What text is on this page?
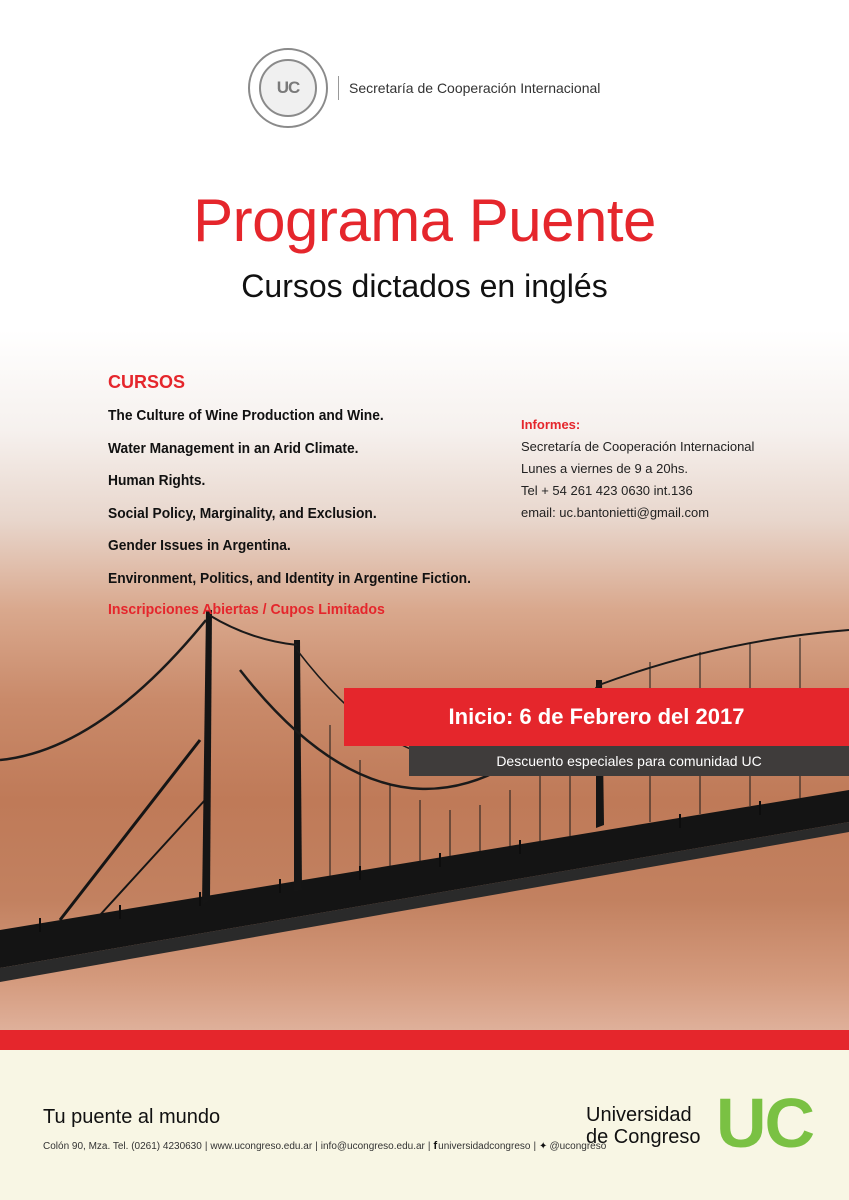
UC	Secretaría de Cooperación Internacional
Programa Puente
Cursos dictados en inglés
CURSOS
The Culture of Wine Production and Wine.
Water Management in an Arid Climate.
Human Rights.
Social Policy, Marginality, and Exclusion.
Gender Issues in Argentina.
Environment, Politics, and Identity in Argentine Fiction.
Inscripciones Abiertas / Cupos Limitados
Informes:
Secretaría de Cooperación Internacional
Lunes a viernes de 9 a 20hs.
Tel + 54 261 423 0630 int.136
email: uc.bantonietti@gmail.com
Inicio: 6 de Febrero del 2017
Descuento especiales para comunidad UC
Tu puente al mundo
Colón 90, Mza. Tel. (0261) 4230630 | www.ucongreso.edu.ar | info@ucongreso.edu.ar | f universidadcongreso | ✦ @ucongreso
Universidad
de Congreso UC
